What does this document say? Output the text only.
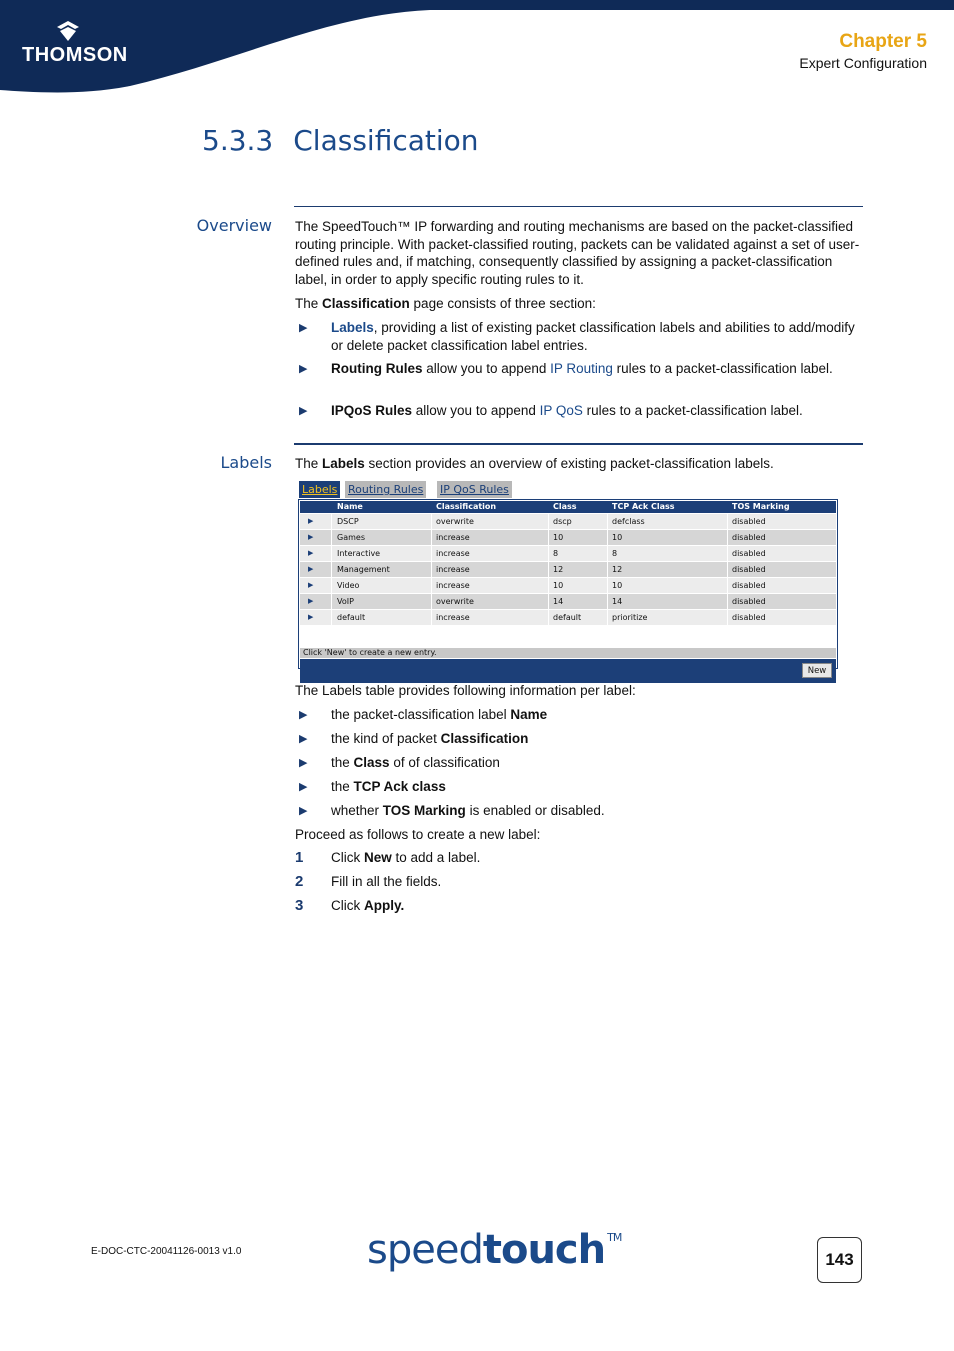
THOMSON
Chapter 5
Expert Configuration
5.3.3 Classification
Overview The SpeedTouch™ IP forwarding and routing mechanisms are based on the packet-classified routing principle. With packet-classified routing, packets can be validated against a set of user-defined rules and, if matching, consequently classified by assigning a packet-classification label, in order to apply specific routing rules to it.
The Classification page consists of three section:
▶ Labels, providing a list of existing packet classification labels and abilities to add/modify or delete packet classification label entries.
▶ Routing Rules allow you to append IP Routing rules to a packet-classification label.
▶ IPQoS Rules allow you to append IP QoS rules to a packet-classification label.
Labels The Labels section provides an overview of existing packet-classification labels.
Labels Routing Rules IP QoS Rules
Name	Classification	Class	TCP Ack Class	TOS Marking
▶	DSCP	overwrite	dscp	defclass	disabled
▶	Games	increase	10	10	disabled
▶	Interactive	increase	8	8	disabled
▶	Management	increase	12	12	disabled
▶	Video	increase	10	10	disabled
▶	VoIP	overwrite	14	14	disabled
▶	default	increase	default	prioritize	disabled
Click 'New' to create a new entry.
New
The Labels table provides following information per label:
▶ the packet-classification label Name
▶ the kind of packet Classification
▶ the Class of of classification
▶ the TCP Ack class
▶ whether TOS Marking is enabled or disabled.
Proceed as follows to create a new label:
1 Click New to add a label.
2 Fill in all the fields.
3 Click Apply.
E-DOC-CTC-20041126-0013 v1.0	speedtouch ™
143
